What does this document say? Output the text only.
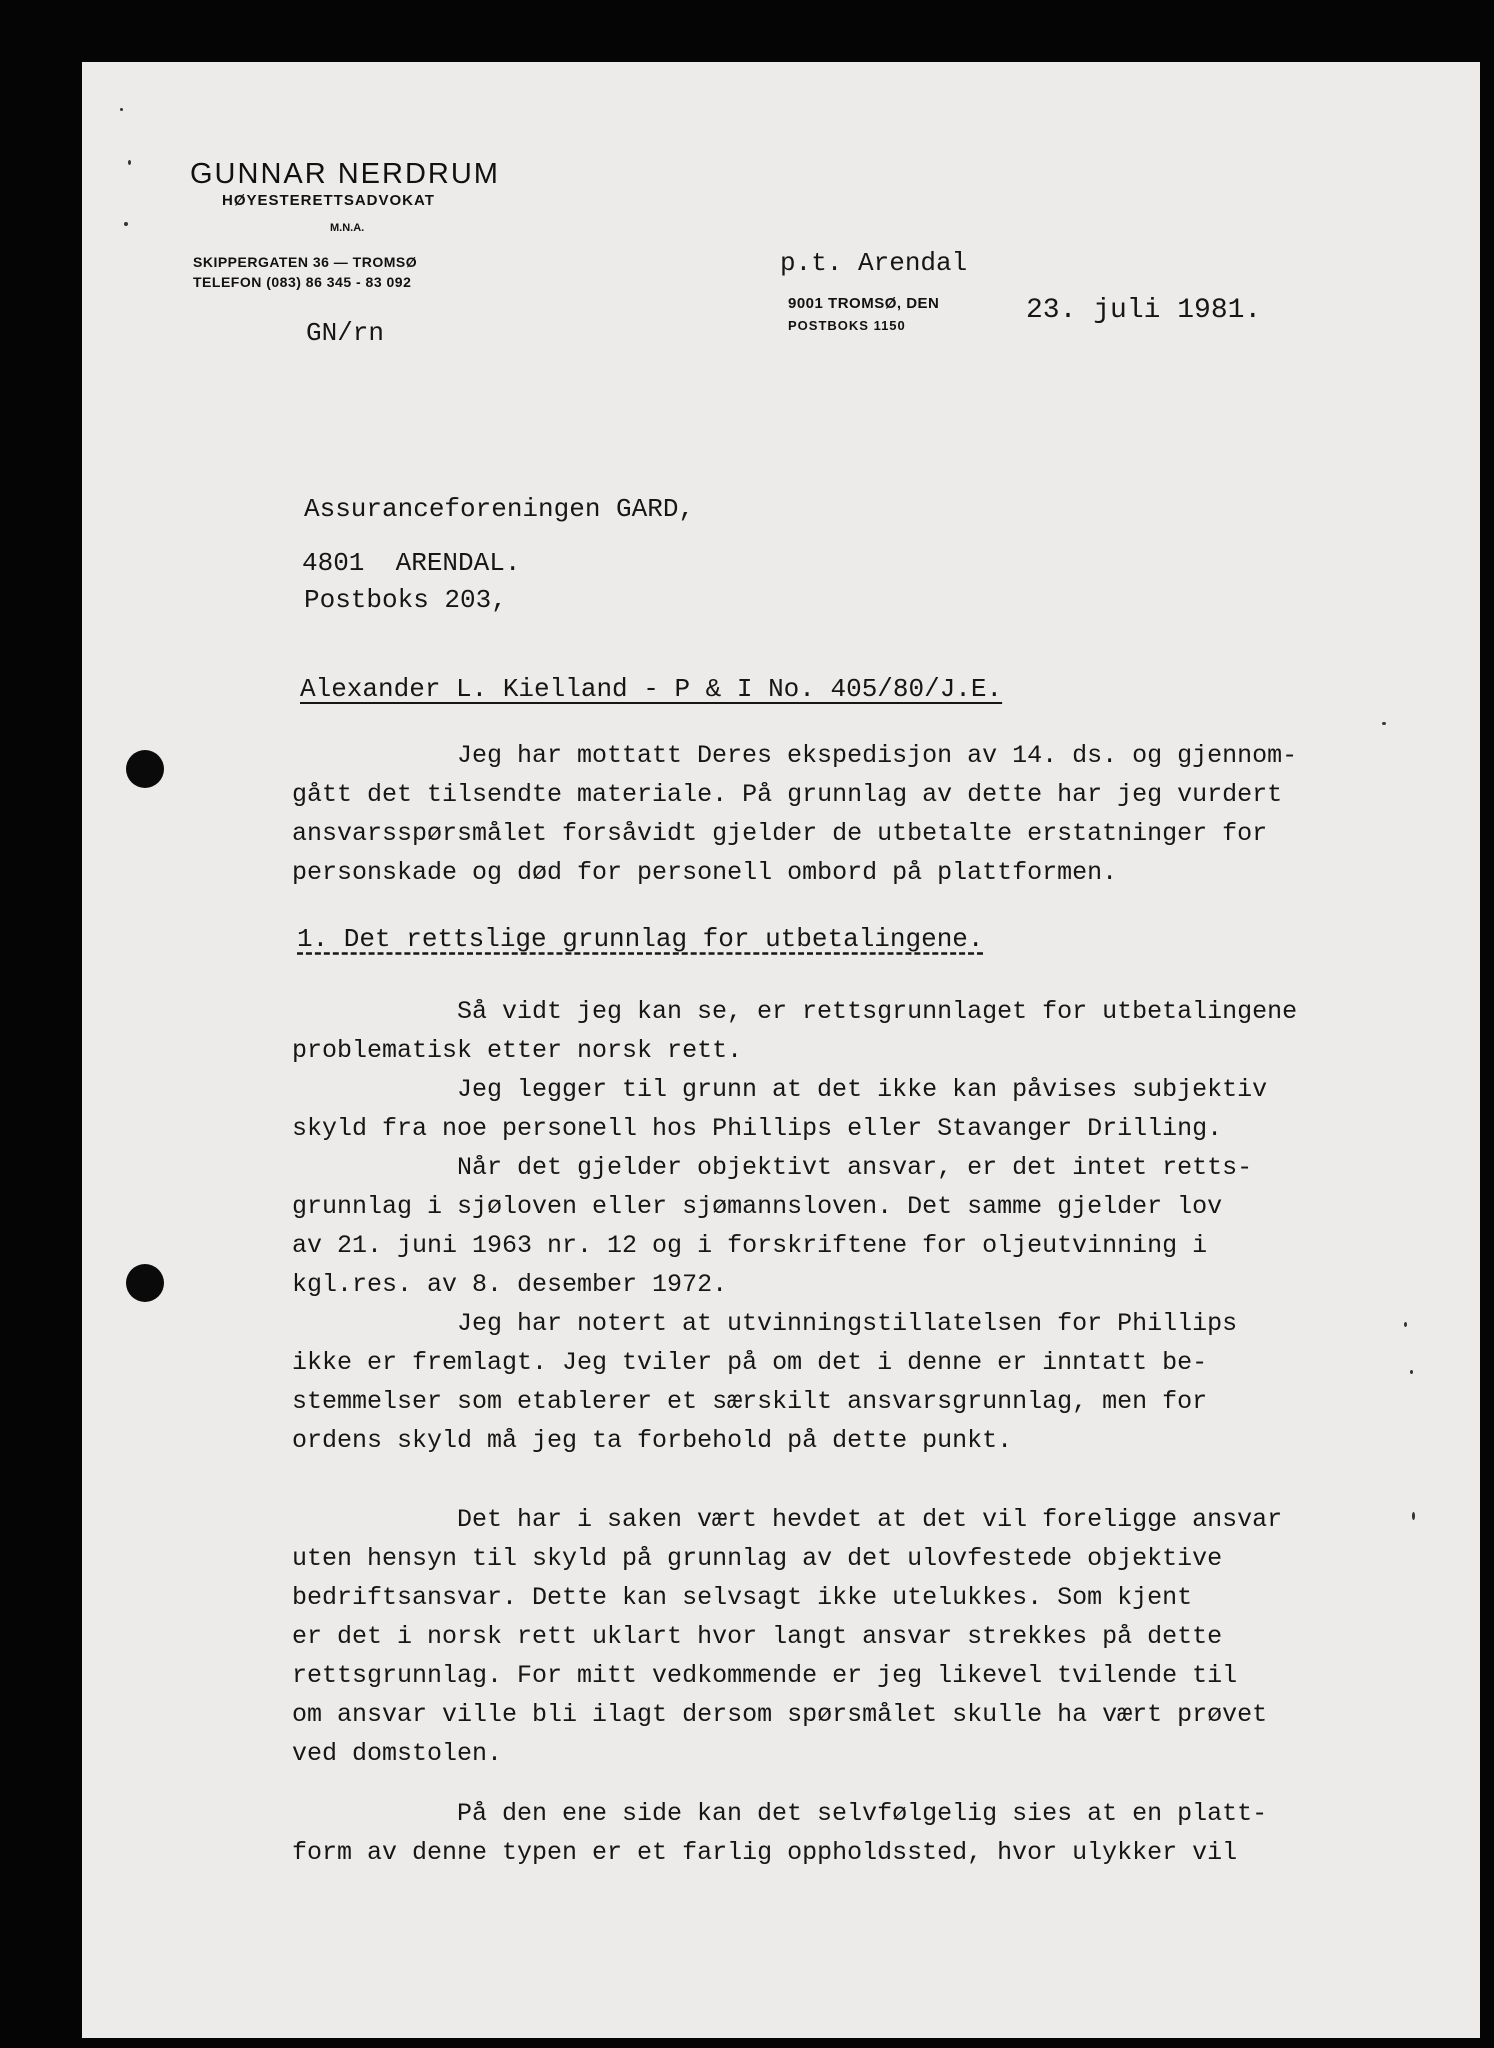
GUNNAR NERDRUM
HØYESTERETTSADVOKAT
M.N.A.
SKIPPERGATEN 36 — TROMSØ
TELEFON (083) 86 345 - 83 092
9001 TROMSØ, DEN
POSTBOKS 1150
p.t. Arendal
23. juli 1981.
GN/rn

Assuranceforeningen GARD,

Postboks 203,

4801  ARENDAL.
Alexander L. Kielland - P & I No. 405/80/J.E.

Jeg har mottatt Deres ekspedisjon av 14. ds. og gjennom-

gått det tilsendte materiale. På grunnlag av dette har jeg vurdert

ansvarsspørsmålet forsåvidt gjelder de utbetalte erstatninger for

personskade og død for personell ombord på plattformen.

1. Det rettslige grunnlag for utbetalingene.

Så vidt jeg kan se, er rettsgrunnlaget for utbetalingene

problematisk etter norsk rett.

Jeg legger til grunn at det ikke kan påvises subjektiv

skyld fra noe personell hos Phillips eller Stavanger Drilling.

Når det gjelder objektivt ansvar, er det intet retts-

grunnlag i sjøloven eller sjømannsloven. Det samme gjelder lov

av 21. juni 1963 nr. 12 og i forskriftene for oljeutvinning i

kgl.res. av 8. desember 1972.

Jeg har notert at utvinningstillatelsen for Phillips

ikke er fremlagt. Jeg tviler på om det i denne er inntatt be-

stemmelser som etablerer et særskilt ansvarsgrunnlag, men for

ordens skyld må jeg ta forbehold på dette punkt.

Det har i saken vært hevdet at det vil foreligge ansvar

uten hensyn til skyld på grunnlag av det ulovfestede objektive

bedriftsansvar. Dette kan selvsagt ikke utelukkes. Som kjent

er det i norsk rett uklart hvor langt ansvar strekkes på dette

rettsgrunnlag. For mitt vedkommende er jeg likevel tvilende til

om ansvar ville bli ilagt dersom spørsmålet skulle ha vært prøvet

ved domstolen.

På den ene side kan det selvfølgelig sies at en platt-

form av denne typen er et farlig oppholdssted, hvor ulykker vil
